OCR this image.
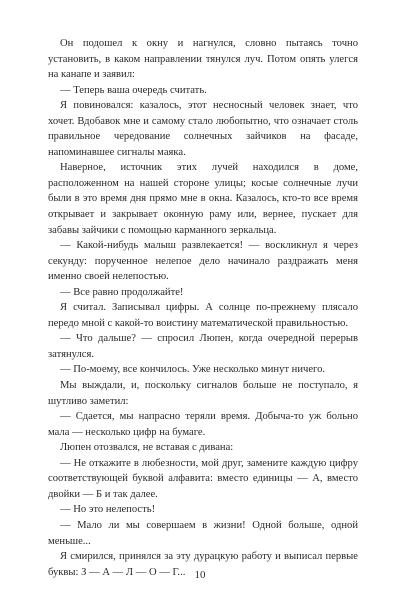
Он подошел к окну и нагнулся, словно пытаясь точно установить, в каком направлении тянулся луч. Потом опять улегся на канапе и заявил:

— Теперь ваша очередь считать.

Я повиновался: казалось, этот несносный человек знает, что хочет. Вдобавок мне и самому стало любопытно, что означает столь правильное чередование солнечных зайчиков на фасаде, напоминавшее сигналы маяка.

Наверное, источник этих лучей находился в доме, расположенном на нашей стороне улицы; косые солнечные лучи были в это время дня прямо мне в окна. Казалось, кто-то все время открывает и закрывает оконную раму или, вернее, пускает для забавы зайчики с помощью карманного зеркальца.

— Какой-нибудь малыш развлекается! — воскликнул я через секунду: порученное нелепое дело начинало раздражать меня именно своей нелепостью.

— Все равно продолжайте!

Я считал. Записывал цифры. А солнце по-прежнему плясало передо мной с какой-то воистину математической правильностью.

— Что дальше? — спросил Люпен, когда очередной перерыв затянулся.

— По-моему, все кончилось. Уже несколько минут ничего.

Мы выждали, и, поскольку сигналов больше не поступало, я шутливо заметил:

— Сдается, мы напрасно теряли время. Добыча-то уж больно мала — несколько цифр на бумаге.

Люпен отозвался, не вставая с дивана:

— Не откажите в любезности, мой друг, замените каждую цифру соответствующей буквой алфавита: вместо единицы — А, вместо двойки — Б и так далее.

— Но это нелепость!

— Мало ли мы совершаем в жизни! Одной больше, одной меньше...

Я смирился, принялся за эту дурацкую работу и выписал первые буквы: З — А — Л — О — Г... 10
